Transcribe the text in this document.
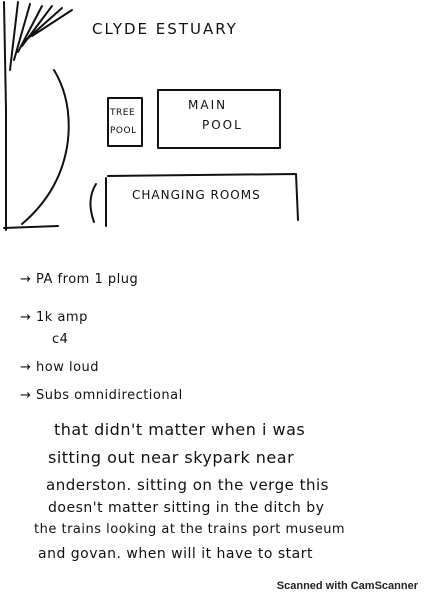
CLYDE ESTUARY
TREE
POOL
MAIN
POOL
CHANGING ROOMS
→ PA from 1 plug
→ 1k amp
c4
→ how loud
→ Subs omnidirectional
that didn't matter when i was
sitting out near skypark near
anderston. sitting on the verge this
doesn't matter sitting in the ditch by
the trains looking at the trains port museum
and govan. when will it have to start
Scanned with CamScanner
